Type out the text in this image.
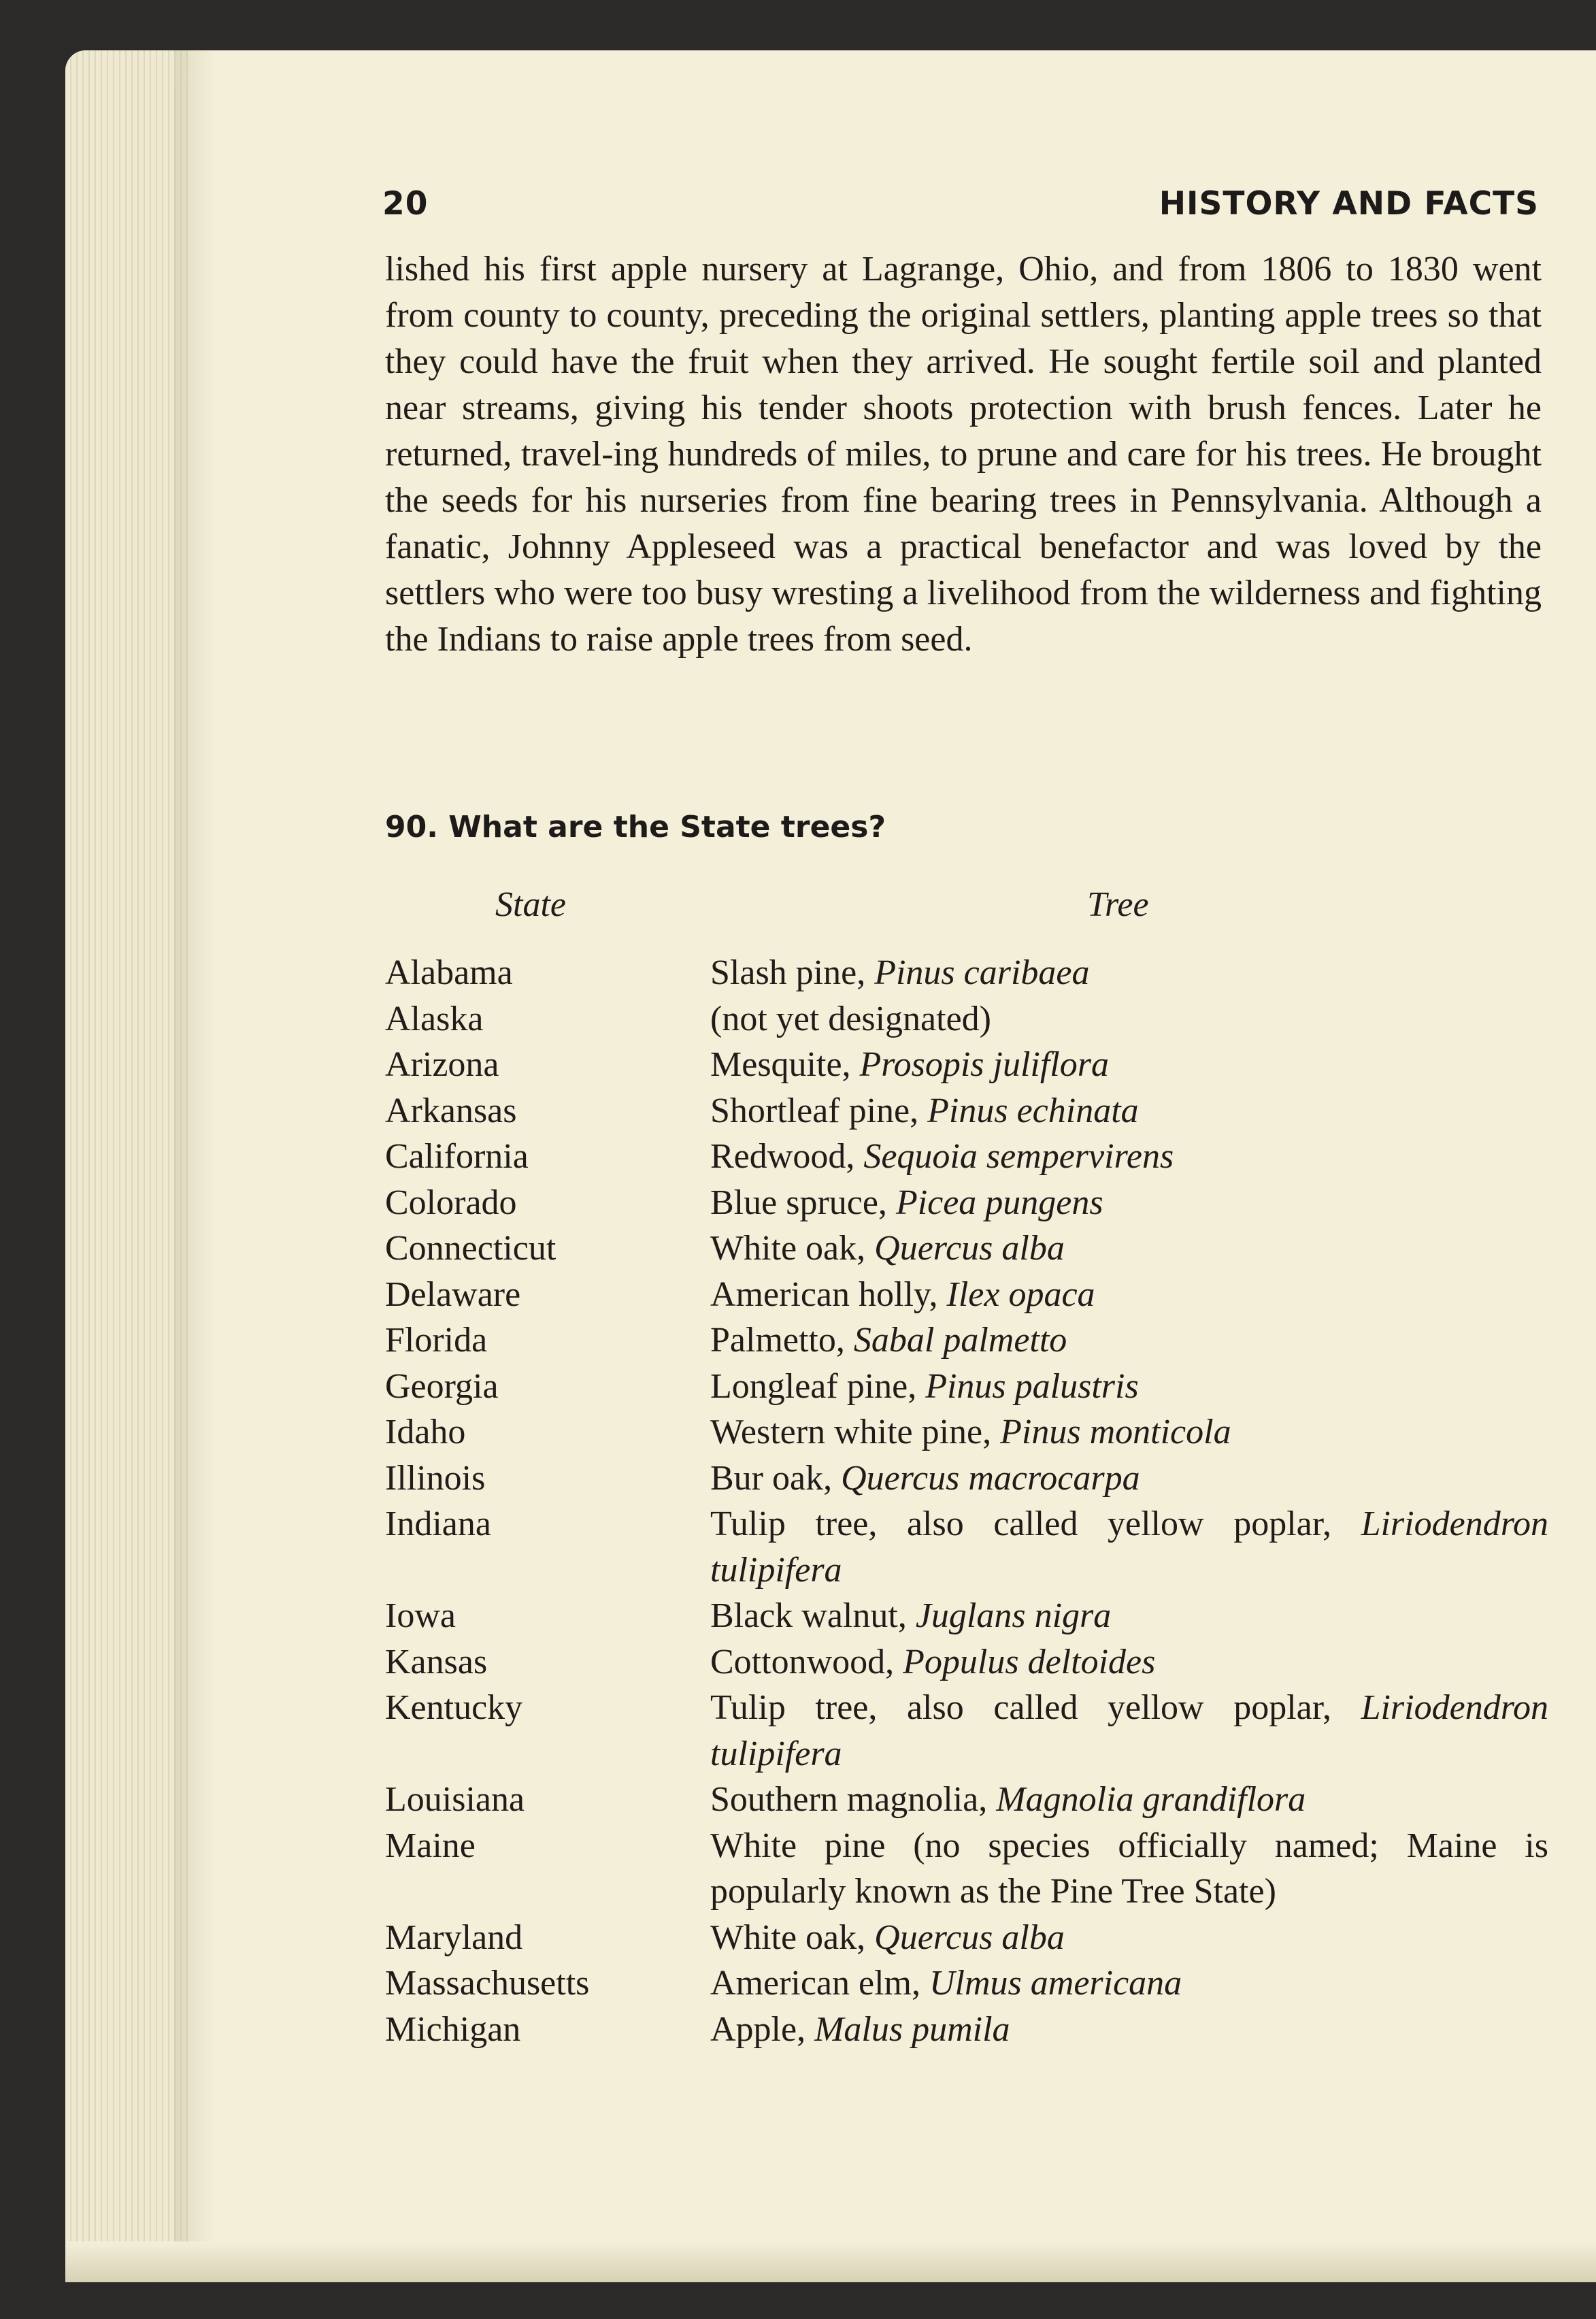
20	HISTORY AND FACTS

lished his first apple nursery at Lagrange, Ohio, and from 1806 to 1830 went from county to county, preceding the original settlers, planting apple trees so that they could have the fruit when they arrived. He sought fertile soil and planted near streams, giving his tender shoots protection with brush fences. Later he returned, travel-ing hundreds of miles, to prune and care for his trees. He brought the seeds for his nurseries from fine bearing trees in Pennsylvania. Although a fanatic, Johnny Appleseed was a practical benefactor and was loved by the settlers who were too busy wresting a livelihood from the wilderness and fighting the Indians to raise apple trees from seed.

90. What are the State trees?
State	Tree
Alabama	Slash pine, Pinus caribaea
Alaska	(not yet designated)
Arizona	Mesquite, Prosopis juliflora
Arkansas	Shortleaf pine, Pinus echinata
California	Redwood, Sequoia sempervirens
Colorado	Blue spruce, Picea pungens
Connecticut	White oak, Quercus alba
Delaware	American holly, Ilex opaca
Florida	Palmetto, Sabal palmetto
Georgia	Longleaf pine, Pinus palustris
Idaho	Western white pine, Pinus monticola
Illinois	Bur oak, Quercus macrocarpa
Indiana	Tulip tree, also called yellow poplar, Liriodendron tulipifera
Iowa	Black walnut, Juglans nigra
Kansas	Cottonwood, Populus deltoides
Kentucky	Tulip tree, also called yellow poplar, Liriodendron tulipifera
Louisiana	Southern magnolia, Magnolia grandiflora
Maine	White pine (no species officially named; Maine is popularly known as the Pine Tree State)
Maryland	White oak, Quercus alba
Massachusetts	American elm, Ulmus americana
Michigan	Apple, Malus pumila
